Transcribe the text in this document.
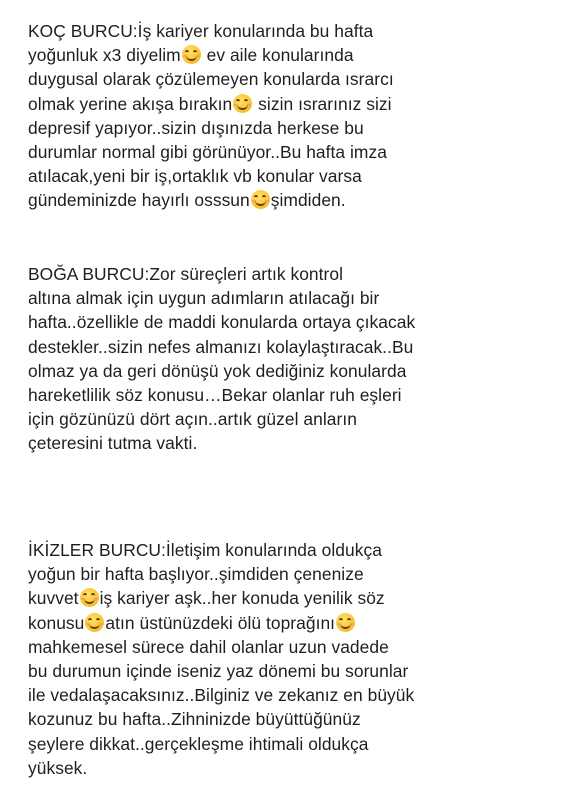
KOÇ BURCU:İş kariyer konularında bu hafta
yoğunluk x3 diyelim
ev aile konularında
duygusal olarak çözülemeyen konularda ısrarcı
olmak yerine akışa bırakın
sizin ısrarınız sizi
depresif yapıyor..sizin dışınızda herkese bu
durumlar normal gibi görünüyor..Bu hafta imza
atılacak,yeni bir iş,ortaklık vb konular varsa
gündeminizde hayırlı osssun şimdiden.
BOĞA BURCU:Zor süreçleri artık kontrol
altına almak için uygun adımların atılacağı bir
hafta..özellikle de maddi konularda ortaya çıkacak
destekler..sizin nefes almanızı kolaylaştıracak..Bu
olmaz ya da geri dönüşü yok dediğiniz konularda
hareketlilik söz konusu…Bekar olanlar ruh eşleri
için gözünüzü dört açın..artık güzel anların
çeteresini tutma vakti.
İKİZLER BURCU:İletişim konularında oldukça
yoğun bir hafta başlıyor..şimdiden çenenize
kuvvet iş kariyer aşk..her konuda yenilik söz
konusu atın üstünüzdeki ölü toprağını
mahkemesel sürece dahil olanlar uzun vadede
bu durumun içinde iseniz yaz dönemi bu sorunlar
ile vedalaşacaksınız..Bilginiz ve zekanız en büyük
kozunuz bu hafta..Zihninizde büyüttüğünüz
şeylere dikkat..gerçekleşme ihtimali oldukça
yüksek.
